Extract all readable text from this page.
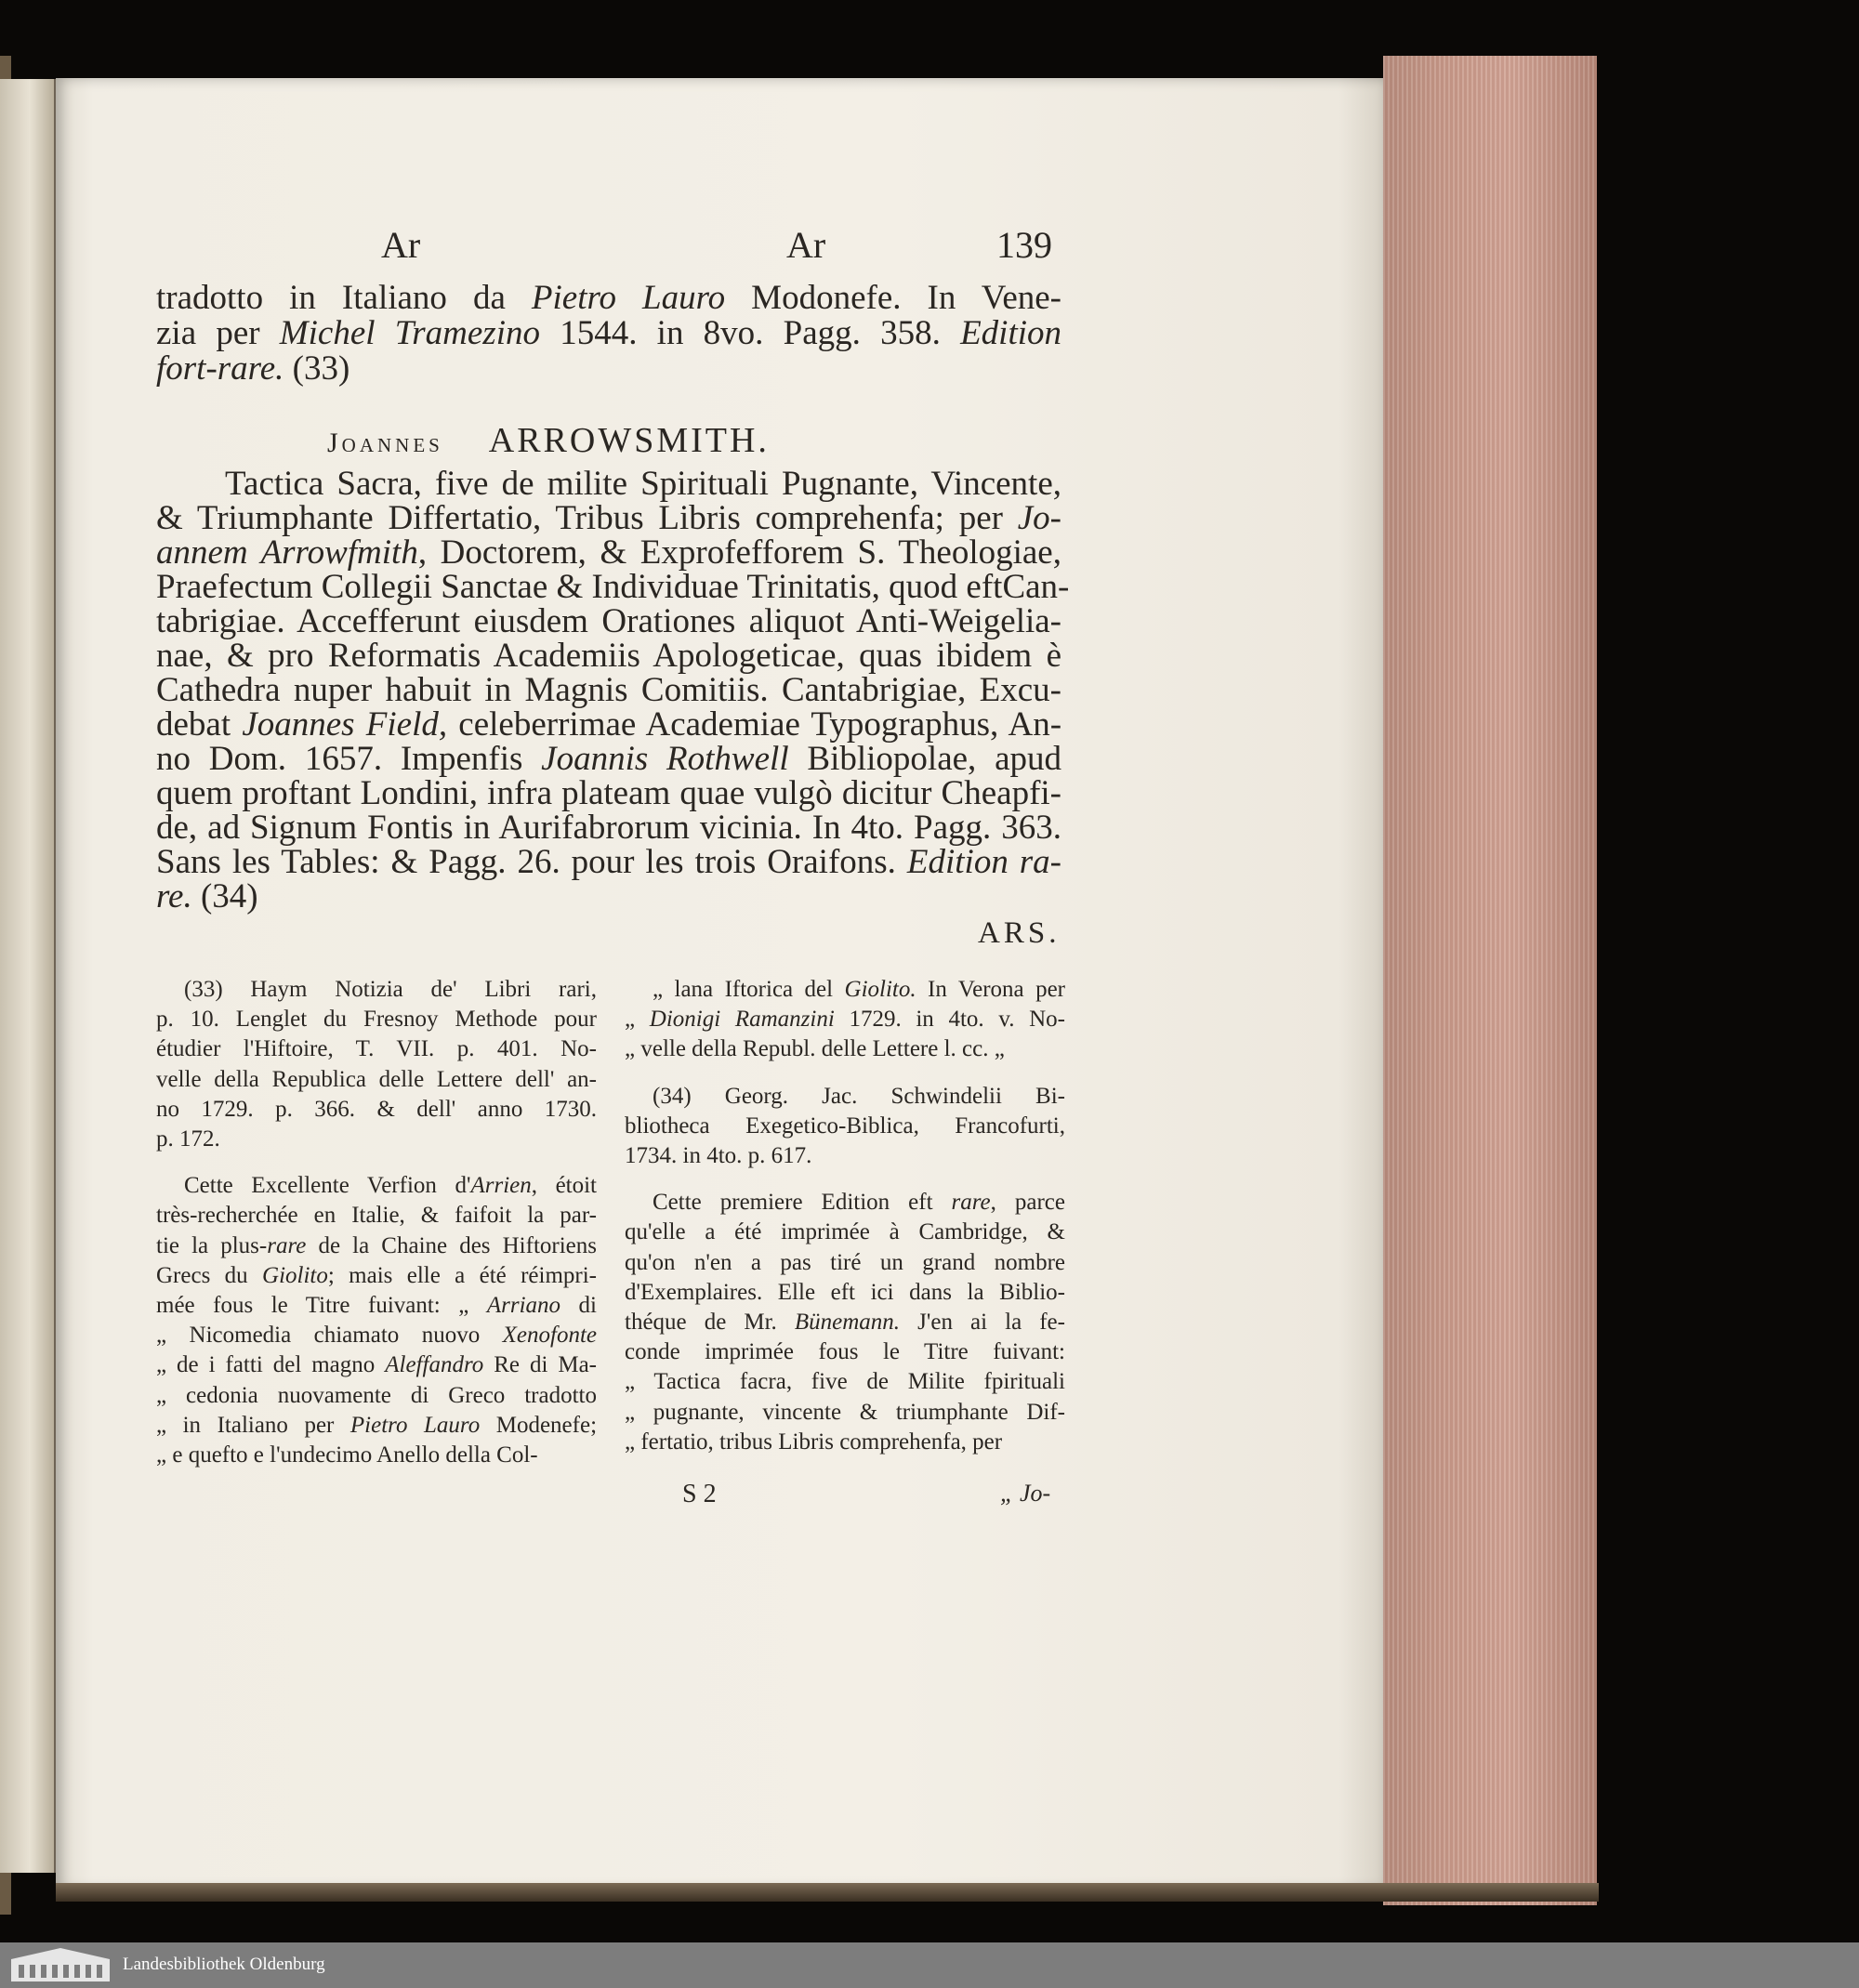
Ar	Ar	139
tradotto in Italiano da Pietro Lauro Modonefe. In Vene-
zia per Michel Tramezino 1544. in 8vo. Pagg. 358. Edition
fort-rare. (33)
Joannes ARROWSMITH.
Tactica Sacra, five de milite Spirituali Pugnante, Vincente,
& Triumphante Differtatio, Tribus Libris comprehenfa; per Jo-
annem Arrowfmith, Doctorem, & Exprofefforem S. Theologiae,
Praefectum Collegii Sanctae & Individuae Trinitatis, quod eftCan-
tabrigiae. Accefferunt eiusdem Orationes aliquot Anti-Weigelia-
nae, & pro Reformatis Academiis Apologeticae, quas ibidem è
Cathedra nuper habuit in Magnis Comitiis. Cantabrigiae, Excu-
debat Joannes Field, celeberrimae Academiae Typographus, An-
no Dom. 1657. Impenfis Joannis Rothwell Bibliopolae, apud
quem proftant Londini, infra plateam quae vulgò dicitur Cheapfi-
de, ad Signum Fontis in Aurifabrorum vicinia. In 4to. Pagg. 363.
Sans les Tables: & Pagg. 26. pour les trois Oraifons. Edition ra-
re. (34)
ARS.
(33) Haym Notizia de' Libri rari,
p. 10. Lenglet du Fresnoy Methode pour
étudier l'Hiftoire, T. VII. p. 401. No-
velle della Republica delle Lettere dell' an-
no 1729. p. 366. & dell' anno 1730.
p. 172.
Cette Excellente Verfion d'Arrien, étoit
très-recherchée en Italie, & faifoit la par-
tie la plus-rare de la Chaine des Hiftoriens
Grecs du Giolito; mais elle a été réimpri-
mée fous le Titre fuivant: „ Arriano di
„ Nicomedia chiamato nuovo Xenofonte
„ de i fatti del magno Aleffandro Re di Ma-
„ cedonia nuovamente di Greco tradotto
„ in Italiano per Pietro Lauro Modenefe;
„ e quefto e l'undecimo Anello della Col-
„ lana Iftorica del Giolito. In Verona per
„ Dionigi Ramanzini 1729. in 4to. v. No-
„ velle della Republ. delle Lettere l. cc. „
(34) Georg. Jac. Schwindelii Bi-
bliotheca Exegetico-Biblica, Francofurti,
1734. in 4to. p. 617.
Cette premiere Edition eft rare, parce
qu'elle a été imprimée à Cambridge, &
qu'on n'en a pas tiré un grand nombre
d'Exemplaires. Elle eft ici dans la Biblio-
théque de Mr. Bünemann. J'en ai la fe-
conde imprimée fous le Titre fuivant:
„ Tactica facra, five de Milite fpirituali
„ pugnante, vincente & triumphante Dif-
„ fertatio, tribus Libris comprehenfa, per
S 2	„ Jo-
Landesbibliothek Oldenburg
